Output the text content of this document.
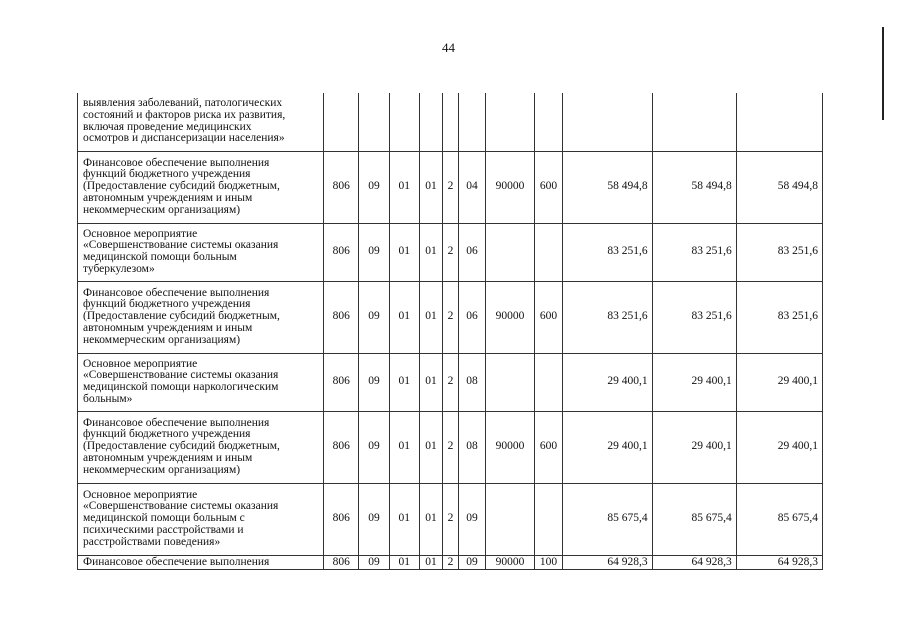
44
выявления заболеваний, патологических
состояний и факторов риска их развития,
включая проведение медицинских
осмотров и диспансеризации населения»											

Финансовое обеспечение выполнения
функций бюджетного учреждения
(Предоставление субсидий бюджетным,
автономным учреждениям и иным
некоммерческим организациям)	806	09	01	01	2	04	90000	600	58 494,8	58 494,8	58 494,8

Основное мероприятие
«Совершенствование системы оказания
медицинской помощи больным
туберкулезом»	806	09	01	01	2	06			83 251,6	83 251,6	83 251,6

Финансовое обеспечение выполнения
функций бюджетного учреждения
(Предоставление субсидий бюджетным,
автономным учреждениям и иным
некоммерческим организациям)	806	09	01	01	2	06	90000	600	83 251,6	83 251,6	83 251,6

Основное мероприятие
«Совершенствование системы оказания
медицинской помощи наркологическим
больным»	806	09	01	01	2	08			29 400,1	29 400,1	29 400,1

Финансовое обеспечение выполнения
функций бюджетного учреждения
(Предоставление субсидий бюджетным,
автономным учреждениям и иным
некоммерческим организациям)	806	09	01	01	2	08	90000	600	29 400,1	29 400,1	29 400,1

Основное мероприятие
«Совершенствование системы оказания
медицинской помощи больным с
психическими расстройствами и
расстройствами поведения»	806	09	01	01	2	09			85 675,4	85 675,4	85 675,4

Финансовое обеспечение выполнения	806	09	01	01	2	09	90000	100	64 928,3	64 928,3	64 928,3
